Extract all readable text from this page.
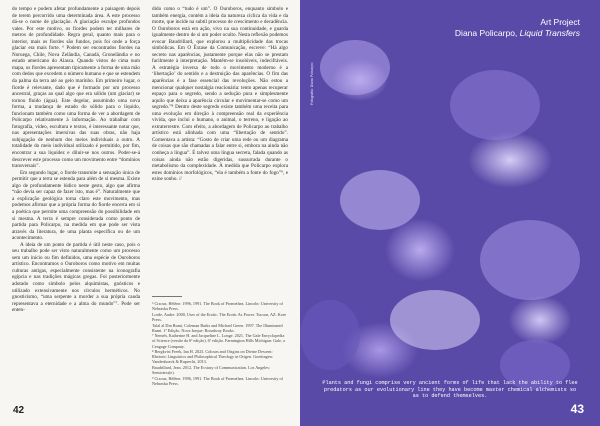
do tempo e podem afetar profundamente a paisagem depois de terem percorrido uma determinada área. A este processo dá-se o nome de glaciação. A glaciação esculpe profundos vales. Por este motivo, os fiordes podem ter milhares de metros de profundidade. Regra geral, quanto mais para o interior, mais os fiordes são fundos, pois foi onde a força glaciar era mais forte. ⁶ Podem ser encontrados fiordes na Noruega, Chile, Nova Zelândia, Canadá, Gronelândia e no estado americano do Alasca. Quando vistos de cima num mapa, os fiordes apresentam tipicamente a forma de uma mão com dedos que excedem o número humano e que se estendem da palma da terra até ao gelo marinho. Em primeiro lugar, o fiorde é relevante, dado que é formado por um processo ancestral, graças ao qual algo que era sólido (um glaciar) se tornou fluido (água). Este degelar, assumindo uma nova forma, a mudança de estado do sólido para o líquido, funcionam também como uma forma de ver a abordagem de Policarpo relativamente à informação. Ao trabalhar com fotografia, vídeo, escultura e textos, é interessante notar que, nas apresentações imersivas das suas obras, não haja subjugação de nenhum dos meios individuais a outro. A totalidade do meio individual utilizado é permitido, por fim, encontrar a sua liquidez e diluir-se nos outros. Poder-se-á descrever este processo como um movimento entre “domínios transversais”.

Em segundo lugar, o fiorde transmite a sensação única de permitir que a terra se estenda para além de si mesma. Existe algo de profundamente lúdico neste gesto, algo que afirma “não devia ser capaz de fazer isto, mas é”. Naturalmente que a explicação geológica torna claro este movimento, mas podemos afirmar que a própria forma do fiorde encerra em si a poética que permite uma compreensão do possibilidade em si mesma. A terra é sempre considerada como ponto de partida para Policarpo, na medida em que pode ser vista através da literatura, de uma planta específica ou de um acontecimento.

A ideia de um ponto de partida é útil neste caso, pois o seu trabalho pode ser visto naturalmente como um processo sem um início ou fim definidos, uma espécie de Ouroboros artístico. Encontramos o Ouroboros como motivo em muitas culturas antigas, especialmente consistente na iconografia egípcia e nas tradições mágicas gregas. Foi posteriormente adotado como símbolo pelos alquimistas, gnósticos e utilizado extensivamente nos círculos herméticos. No gnosticismo, “uma serpente a morder a sua própria cauda representava a eternidade e a alma do mundo”⁷. Pode ser enten-

dido como o “tudo é um”. O Ouroboros, enquanto símbolo e também energia, contém a ideia da natureza cíclica da vida e da morte, que incide na subtil processo de crescimento e decadência. O Ouroboros está em ação, vivo na sua continuidade, e guarda igualmente dentro de si um poder oculto. Nesta reflexão podemos evocar Baudrillard, que explorou a multiplicidade das trocas simbólicas. Em O Êxtase da Comunicação, escreve: “Há algo secreto nas aparências, justamente porque elas não se prestam facilmente à interpretação. Mantêm-se insolúveis, indecifráveis. A estratégia inversa de todo o movimento moderno é a ‘libertação’ do sentido e a destruição das aparências. O fim das aparências é a fase essencial das revoluções. Não estou a mencionar qualquer nostalgia reacionária: tento apenas recuperar espaço para o segredo, sendo a sedução pura e simplesmente aquilo que deixa a aparência circular e movimentar-se como um segredo.”⁸ Dentro deste segredo existe também uma receita para uma evolução em direção à compreensão real da experiência vivida, que inclui o humano, o animal, o terreno, e ligação ao extraterrestre. Com efeito, a abordagem de Policarpo ao trabalho artístico está alinhada com uma “libertação de sentido”. Comentava a artista: “Gosto de criar uma rede ou um diagrama de coisas que são chamadas a falar entre si, embora na ainda não conheça a língua”. É talvez uma língua secreta, falada quando as coisas ainda não estão digeridas, sussurrada durante o metabolismo da complexidade. À medida que Policarpo explora estes domínios morfológicos, “ela é também a fonte do fogo”⁹, e ezine sonho. //

⁶ Cixous, Hélène. 1996, 1991. The Book of Promethea. Lincoln: University of Nebraska Press.

Lorde, Audre. 2000, Uses of the Erotic: The Erotic As Power. Tucson, AZ: Kore Press.

Talal al Din Rumi, Coleman Barks and Michael Green. 1997. The Illuminated Rumi. 1ª Edição. Nova Iorque: Broadway Books.

⁷ Nemeh, Katherine H. and Jacqueline L. Longe. 2021. The Gale Encyclopedia of Science (versão da 6ª edição). 6ª edição. Farmington Hills Michigan: Gale, a Cengage Company.

⁸ Bergkvist Freek, Ian H. 2023. Colours and Origins on Divine Descent: Rhetoric Linguistics and Philosophical Theology in Origen. Goettingen: Vandenhoeck & Ruprecht, 2013.

Baudrillard, Jean. 2012, The Ecstasy of Communication. Los Angeles: Semiotext(e).

⁹ Cixous, Hélène. 1996, 1991. The Book of Promethea. Lincoln: University of Nebraska Press.

42
Art Project
Diana Policarpo, Liquid Transfers
Fotografia: Diana Policarpo
Plants and fungi comprise very ancient forms of life that lack the ability to flee predators as our evolutionary line they have become master chemical alchemists so as to defend themselves.
43
